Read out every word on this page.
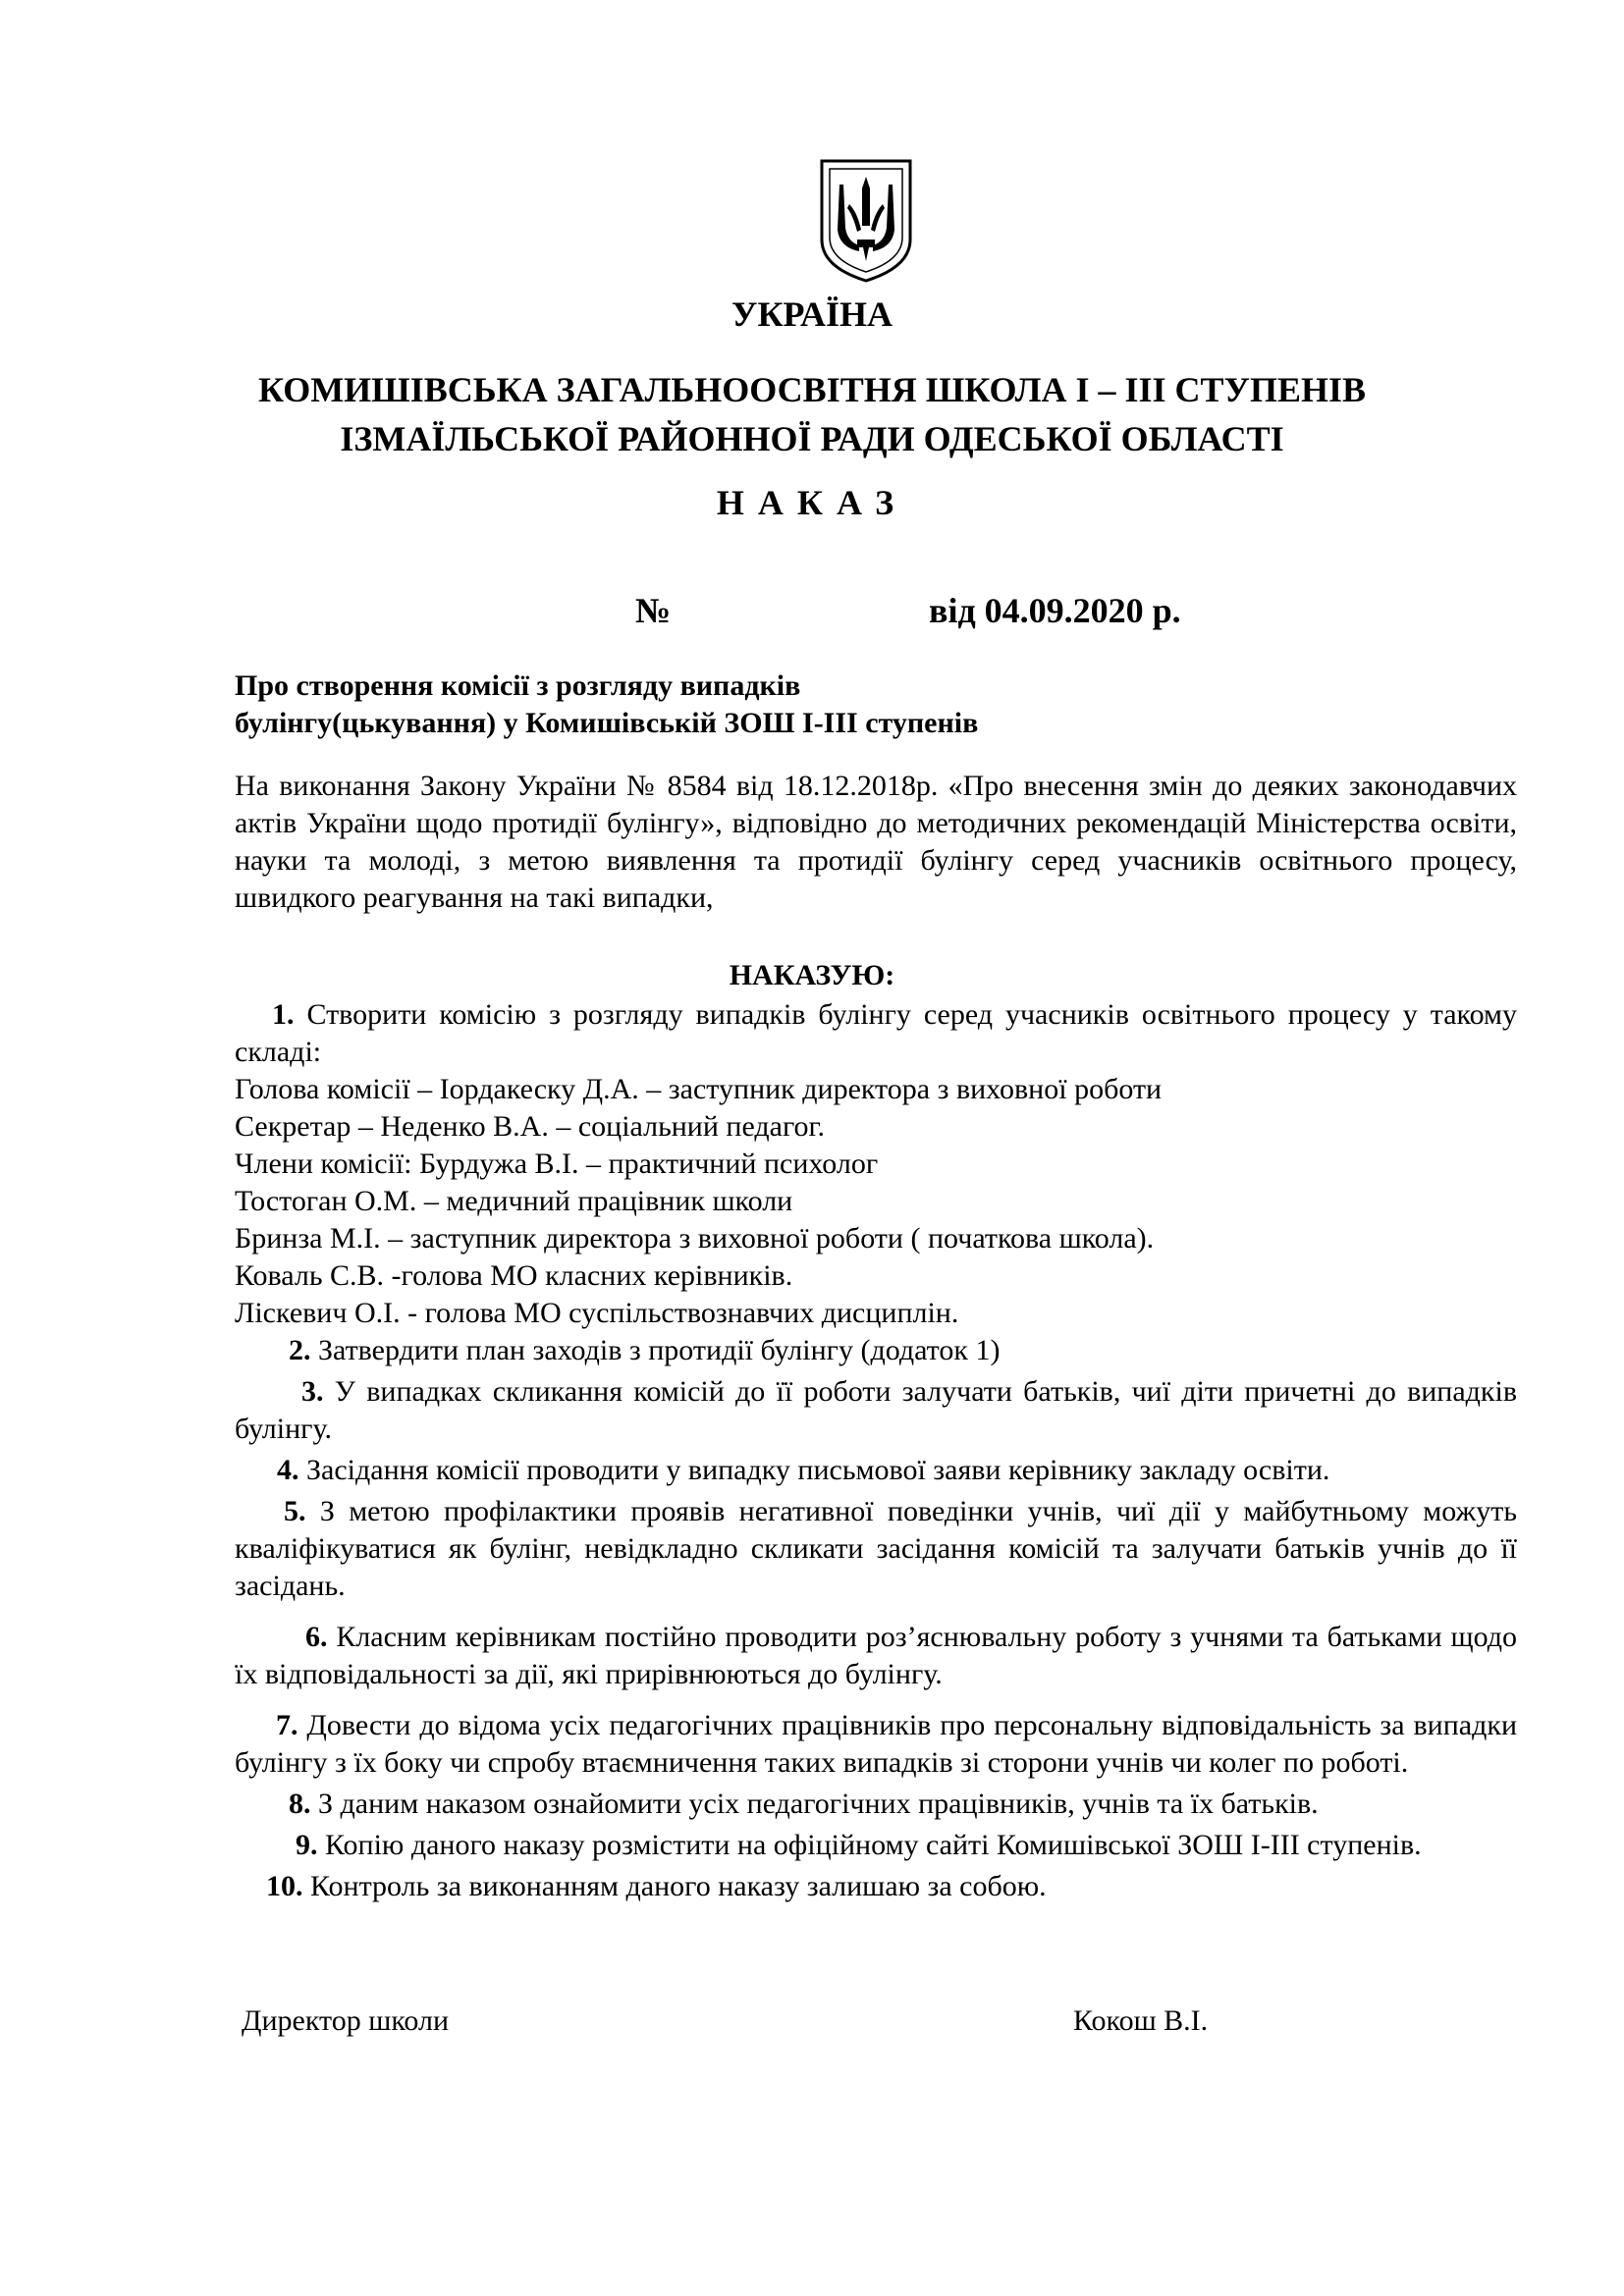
УКРАЇНА
КОМИШІВСЬКА ЗАГАЛЬНООСВІТНЯ ШКОЛА І – ІІІ СТУПЕНІВ
ІЗМАЇЛЬСЬКОЇ РАЙОННОЇ РАДИ ОДЕСЬКОЇ ОБЛАСТІ
НАКАЗ
№	від 04.09.2020 р.
Про створення комісії з розгляду випадків
булінгу(цькування) у Комишівській ЗОШ І-ІІІ ступенів
На виконання Закону України № 8584 від 18.12.2018р. «Про внесення змін до деяких законодавчих актів України щодо протидії булінгу», відповідно до методичних рекомендацій Міністерства освіти, науки та молоді, з метою виявлення та протидії булінгу серед учасників освітнього процесу, швидкого реагування на такі випадки,
НАКАЗУЮ:
1. Створити комісію з розгляду випадків булінгу серед учасників освітнього процесу у такому складі:
Голова комісії – Іордакеску Д.А. – заступник директора з виховної роботи
Секретар – Неденко В.А. – соціальний педагог.
Члени комісії: Бурдужа В.І. – практичний психолог
Тостоган О.М. – медичний працівник школи
Бринза М.І. – заступник директора з виховної роботи ( початкова школа).
Коваль С.В. -голова МО класних керівників.
Ліскевич О.І. - голова МО суспільствознавчих дисциплін.
2. Затвердити план заходів з протидії булінгу (додаток 1)
3. У випадках скликання комісій до її роботи залучати батьків, чиї діти причетні до випадків булінгу.
4. Засідання комісії проводити у випадку письмової заяви керівнику закладу освіти.
5. З метою профілактики проявів негативної поведінки учнів, чиї дії у майбутньому можуть кваліфікуватися як булінг, невідкладно скликати засідання комісій та залучати батьків учнів до її засідань.
6. Класним керівникам постійно проводити роз’яснювальну роботу з учнями та батьками щодо їх відповідальності за дії, які прирівнюються до булінгу.
7. Довести до відома усіх педагогічних працівників про персональну відповідальність за випадки булінгу з їх боку чи спробу втаємничення таких випадків зі сторони учнів чи колег по роботі.
8. З даним наказом ознайомити усіх педагогічних працівників, учнів та їх батьків.
9. Копію даного наказу розмістити на офіційному сайті Комишівської ЗОШ І-ІІІ ступенів.
10. Контроль за виконанням даного наказу залишаю за собою.
Директор школи	Кокош В.І.
